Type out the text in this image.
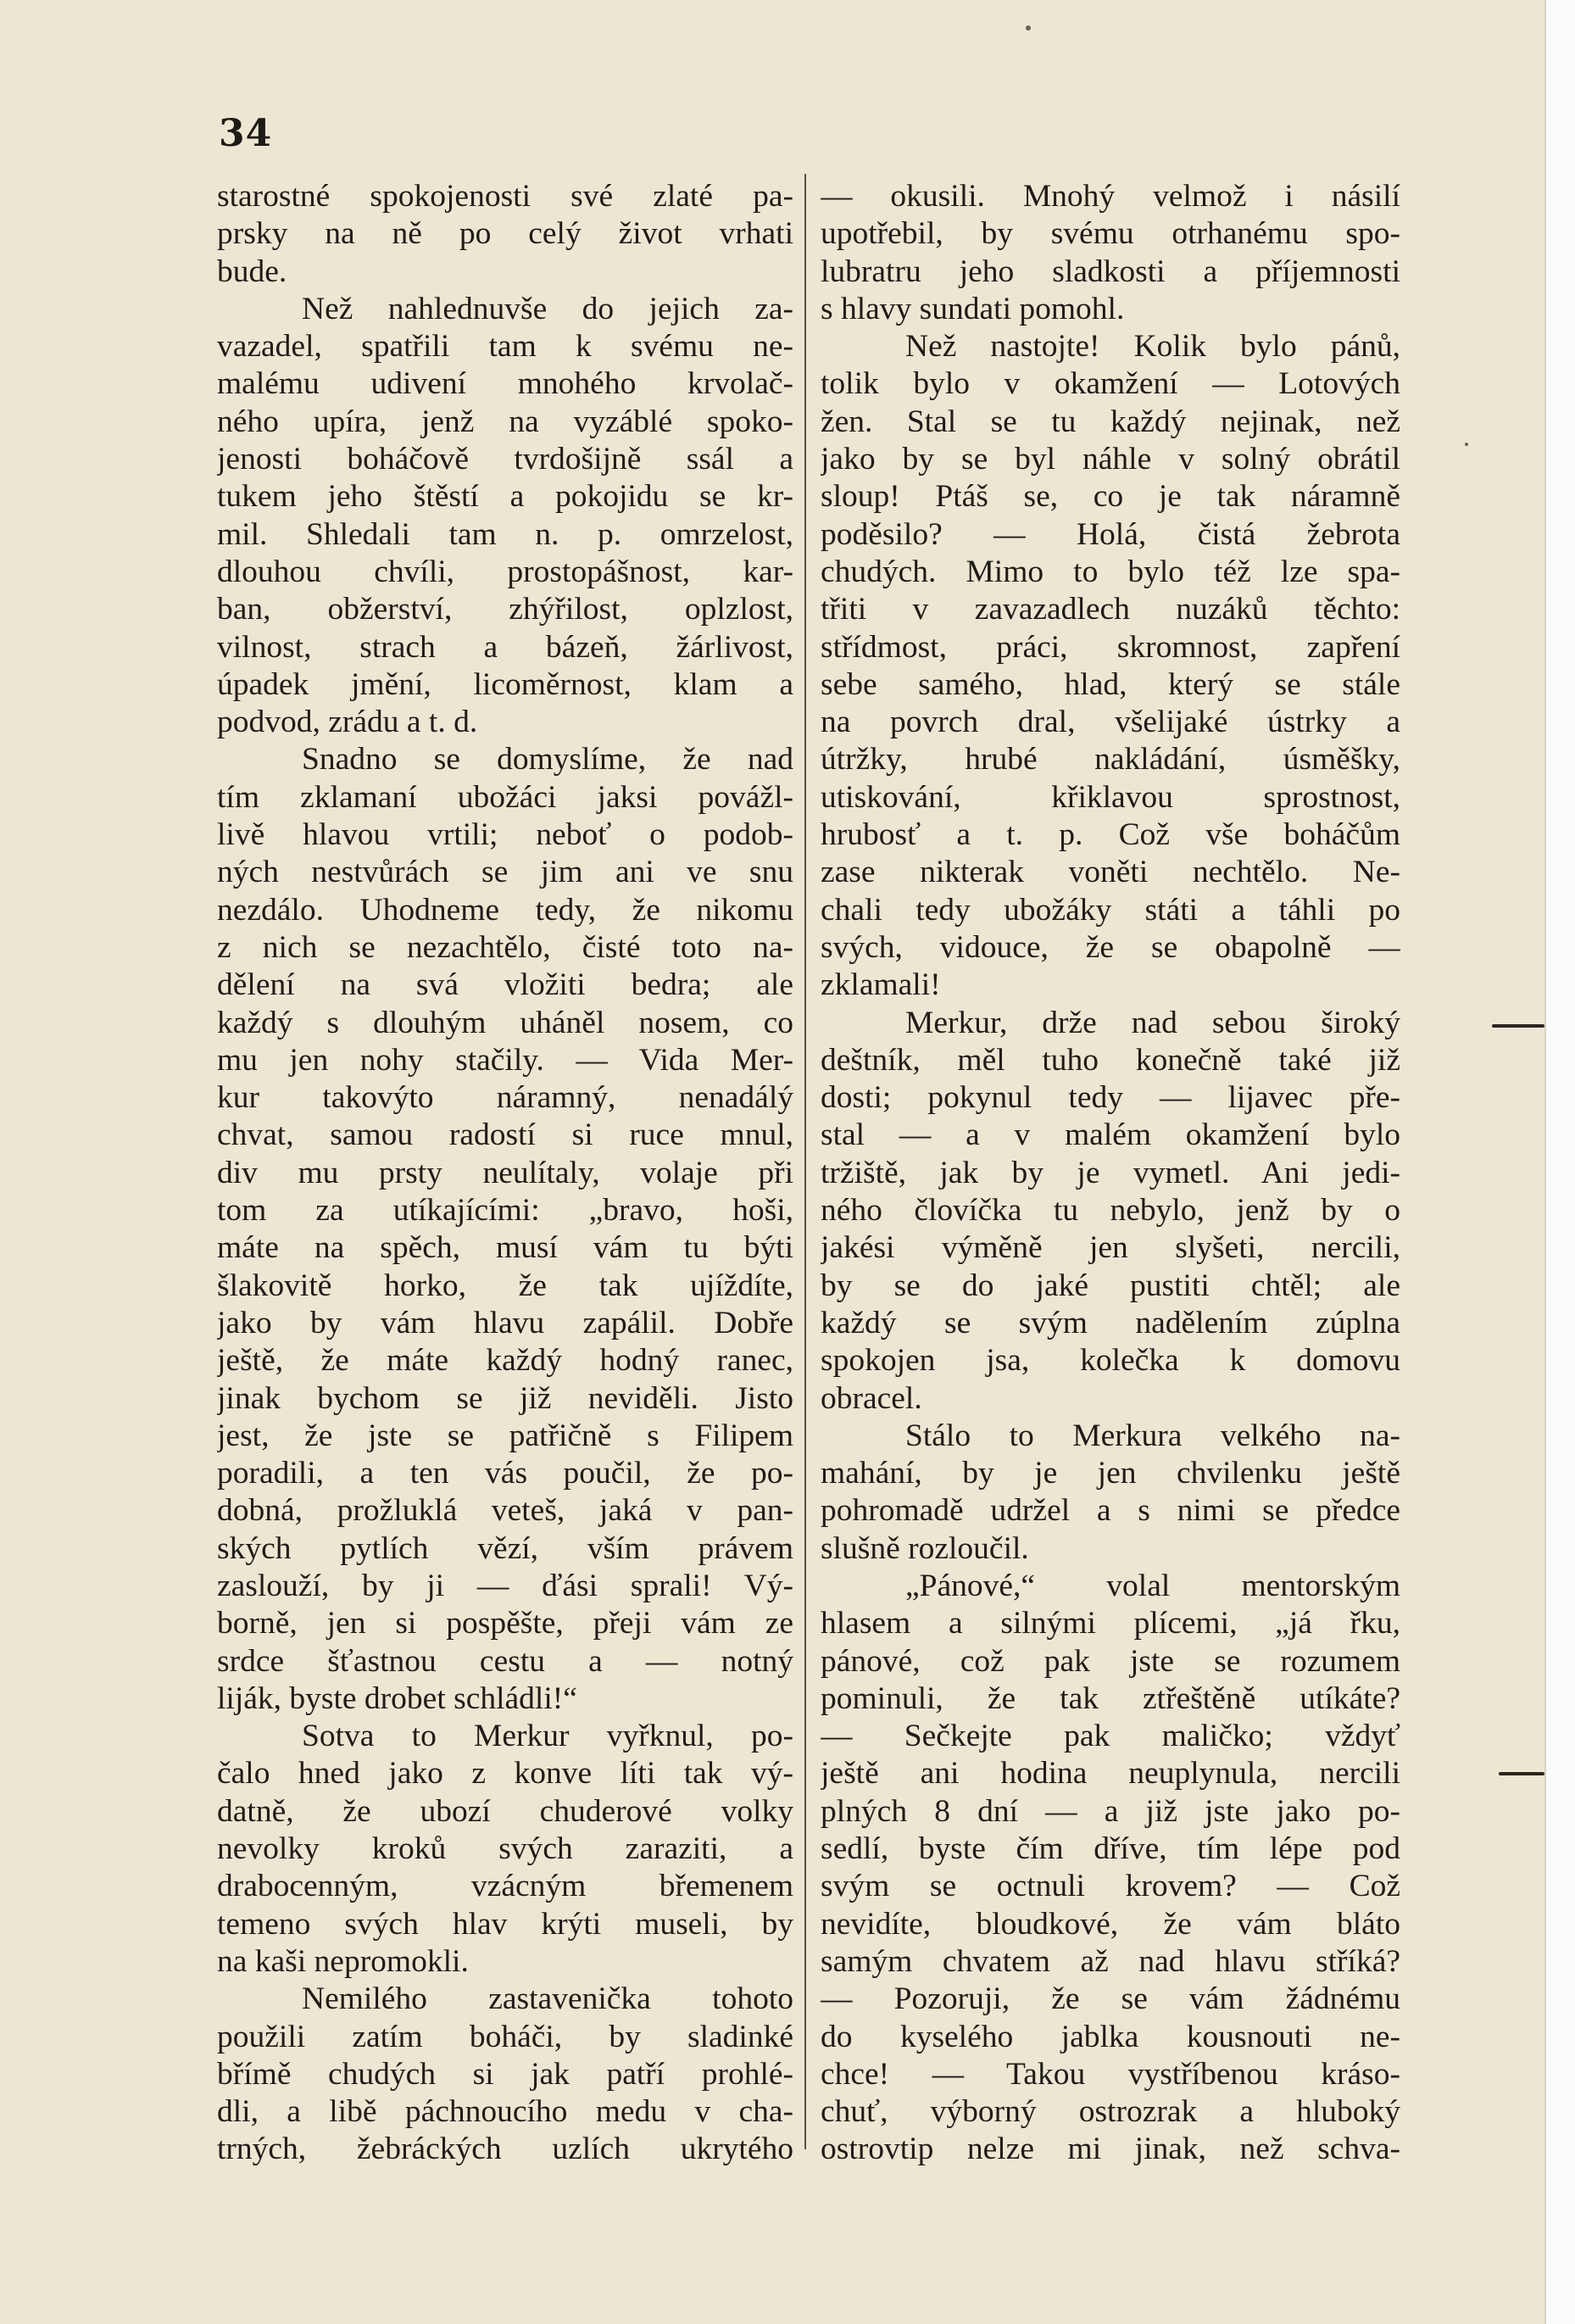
34
starostné spokojenosti své zlaté pa-
prsky na ně po celý život vrhati
bude.
Než nahlednuvše do jejich za-
vazadel, spatřili tam k svému ne-
malému udivení mnohého krvolač-
ného upíra, jenž na vyzáblé spoko-
jenosti boháčově tvrdošijně ssál a
tukem jeho štěstí a pokojidu se kr-
mil. Shledali tam n. p. omrzelost,
dlouhou chvíli, prostopášnost, kar-
ban, obžerství, zhýřilost, oplzlost,
vilnost, strach a bázeň, žárlivost,
úpadek jmění, licoměrnost, klam a
podvod, zrádu a t. d.
Snadno se domyslíme, že nad
tím zklamaní ubožáci jaksi povážl-
livě hlavou vrtili; neboť o podob-
ných nestvůrách se jim ani ve snu
nezdálo. Uhodneme tedy, že nikomu
z nich se nezachtělo, čisté toto na-
dělení na svá vložiti bedra; ale
každý s dlouhým uháněl nosem, co
mu jen nohy stačily. — Vida Mer-
kur takovýto náramný, nenadálý
chvat, samou radostí si ruce mnul,
div mu prsty neulítaly, volaje při
tom za utíkajícími: „bravo, hoši,
máte na spěch, musí vám tu býti
šlakovitě horko, že tak ujíždíte,
jako by vám hlavu zapálil. Dobře
ještě, že máte každý hodný ranec,
jinak bychom se již neviděli. Jisto
jest, že jste se patřičně s Filipem
poradili, a ten vás poučil, že po-
dobná, prožluklá veteš, jaká v pan-
ských pytlích vězí, vším právem
zaslouží, by ji — ďási sprali! Vý-
borně, jen si pospěšte, přeji vám ze
srdce šťastnou cestu a — notný
liják, byste drobet schládli!“
Sotva to Merkur vyřknul, po-
čalo hned jako z konve líti tak vý-
datně, že ubozí chuderové volky
nevolky kroků svých zaraziti, a
drabocenným, vzácným břemenem
temeno svých hlav krýti museli, by
na kaši nepromokli.
Nemilého zastavenička tohoto
použili zatím boháči, by sladinké
břímě chudých si jak patří prohlé-
dli, a libě páchnoucího medu v cha-
trných, žebráckých uzlích ukrytého
— okusili. Mnohý velmož i násilí
upotřebil, by svému otrhanému spo-
lubratru jeho sladkosti a příjemnosti
s hlavy sundati pomohl.
Než nastojte! Kolik bylo pánů,
tolik bylo v okamžení — Lotových
žen. Stal se tu každý nejinak, než
jako by se byl náhle v solný obrátil
sloup! Ptáš se, co je tak náramně
poděsilo? — Holá, čistá žebrota
chudých. Mimo to bylo též lze spa-
třiti v zavazadlech nuzáků těchto:
střídmost, práci, skromnost, zapření
sebe samého, hlad, který se stále
na povrch dral, všelijaké ústrky a
útržky, hrubé nakládání, úsměšky,
utiskování, křiklavou sprostnost,
hrubosť a t. p. Což vše boháčům
zase nikterak voněti nechtělo. Ne-
chali tedy ubožáky státi a táhli po
svých, vidouce, že se obapolně —
zklamali!
Merkur, drže nad sebou široký
deštník, měl tuho konečně také již
dosti; pokynul tedy — lijavec pře-
stal — a v malém okamžení bylo
tržiště, jak by je vymetl. Ani jedi-
ného človíčka tu nebylo, jenž by o
jakési výměně jen slyšeti, nercili,
by se do jaké pustiti chtěl; ale
každý se svým nadělením zúplna
spokojen jsa, kolečka k domovu
obracel.
Stálo to Merkura velkého na-
mahání, by je jen chvilenku ještě
pohromadě udržel a s nimi se předce
slušně rozloučil.
„Pánové,“ volal mentorským
hlasem a silnými plícemi, „já řku,
pánové, což pak jste se rozumem
pominuli, že tak ztřeštěně utíkáte?
— Sečkejte pak maličko; vždyť
ještě ani hodina neuplynula, nercili
plných 8 dní — a již jste jako po-
sedlí, byste čím dříve, tím lépe pod
svým se octnuli krovem? — Což
nevidíte, bloudkové, že vám bláto
samým chvatem až nad hlavu stříká?
— Pozoruji, že se vám žádnému
do kyselého jablka kousnouti ne-
chce! — Takou vystříbenou kráso-
chuť, výborný ostrozrak a hluboký
ostrovtip nelze mi jinak, než schva-
